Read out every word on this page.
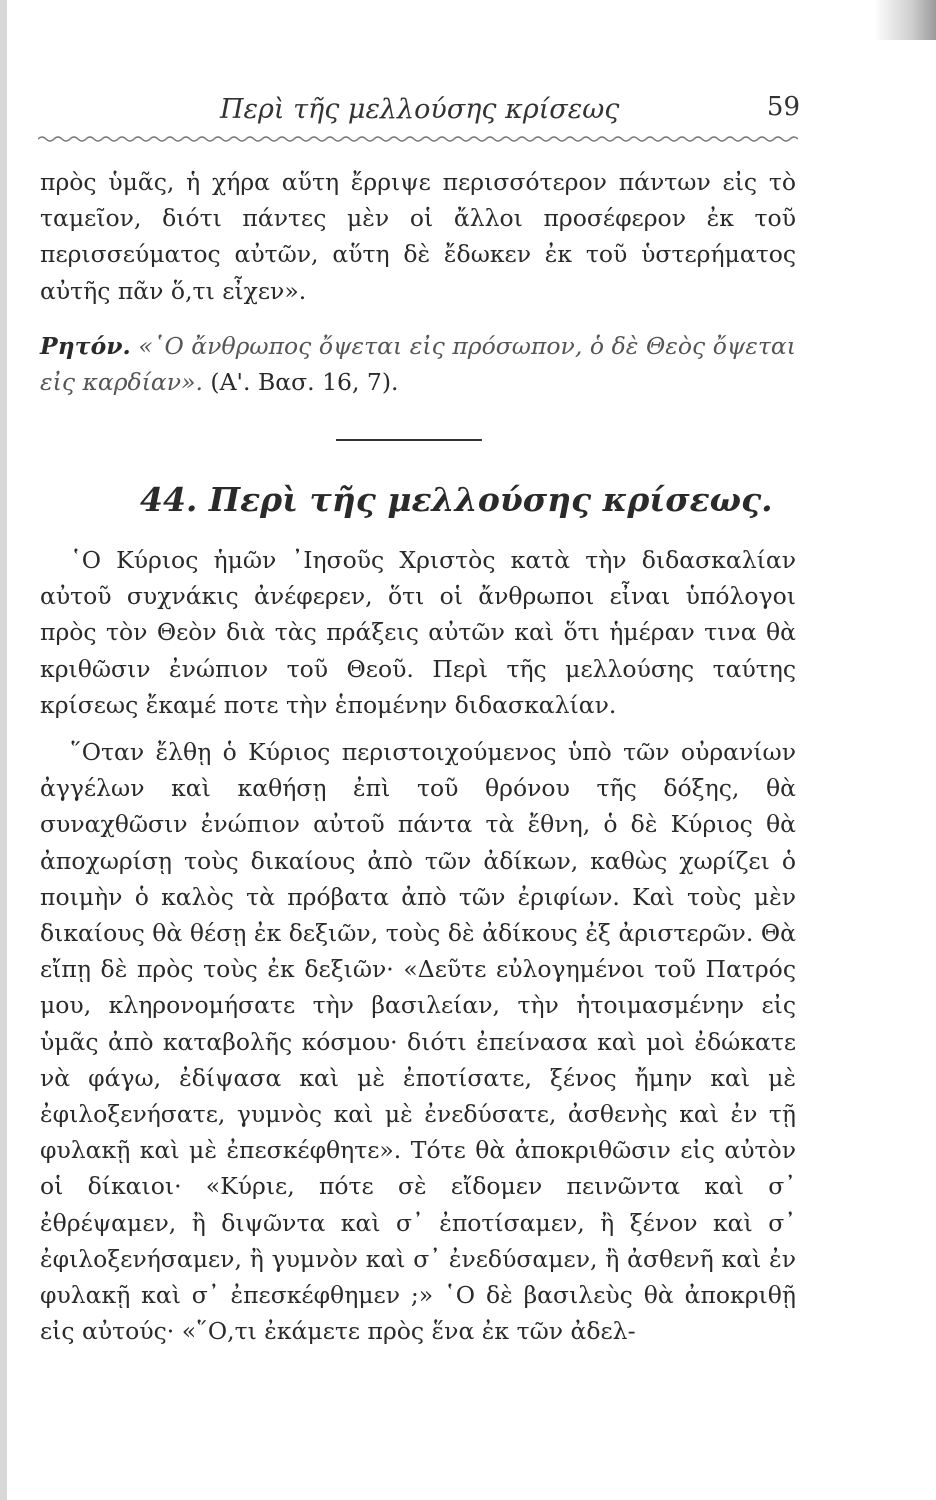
Περὶ τῆς μελλούσης κρίσεως	59

πρὸς ὑμᾶς, ἡ χήρα αὕτη ἔρριψε περισσότερον πάντων εἰς τὸ ταμεῖον, διότι πάντες μὲν οἱ ἄλλοι προσέφερον ἐκ τοῦ περισσεύματος αὐτῶν, αὕτη δὲ ἔδωκεν ἐκ τοῦ ὑστερήματος αὐτῆς πᾶν ὅ,τι εἶχεν».

Ρητόν. «῾Ο ἄνθρωπος ὄψεται εἰς πρόσωπον, ὁ δὲ Θεὸς ὄψεται εἰς καρδίαν». (Α'. Βασ. 16, 7).

44. Περὶ τῆς μελλούσης κρίσεως.

῾Ο Κύριος ἡμῶν ᾿Ιησοῦς Χριστὸς κατὰ τὴν διδασκαλίαν αὐτοῦ συχνάκις ἀνέφερεν, ὅτι οἱ ἄνθρωποι εἶναι ὑπόλογοι πρὸς τὸν Θεὸν διὰ τὰς πράξεις αὐτῶν καὶ ὅτι ἡμέραν τινα θὰ κριθῶσιν ἐνώπιον τοῦ Θεοῦ. Περὶ τῆς μελλούσης ταύτης κρίσεως ἔκαμέ ποτε τὴν ἑπομένην διδασκαλίαν.

῞Οταν ἔλθῃ ὁ Κύριος περιστοιχούμενος ὑπὸ τῶν οὐρανίων ἀγγέλων καὶ καθήσῃ ἐπὶ τοῦ θρόνου τῆς δόξης, θὰ συναχθῶσιν ἐνώπιον αὐτοῦ πάντα τὰ ἔθνη, ὁ δὲ Κύριος θὰ ἀποχωρίσῃ τοὺς δικαίους ἀπὸ τῶν ἀδίκων, καθὼς χωρίζει ὁ ποιμὴν ὁ καλὸς τὰ πρόβατα ἀπὸ τῶν ἐριφίων. Καὶ τοὺς μὲν δικαίους θὰ θέσῃ ἐκ δεξιῶν, τοὺς δὲ ἀδίκους ἐξ ἀριστερῶν. Θὰ εἴπῃ δὲ πρὸς τοὺς ἐκ δεξιῶν· «Δεῦτε εὐλογημένοι τοῦ Πατρός μου, κληρονομήσατε τὴν βασιλείαν, τὴν ἡτοιμασμένην εἰς ὑμᾶς ἀπὸ καταβολῆς κόσμου· διότι ἐπείνασα καὶ μοὶ ἐδώκατε νὰ φάγω, ἐδίψασα καὶ μὲ ἐποτίσατε, ξένος ἤμην καὶ μὲ ἐφιλοξενήσατε, γυμνὸς καὶ μὲ ἐνεδύσατε, ἀσθενὴς καὶ ἐν τῇ φυλακῇ καὶ μὲ ἐπεσκέφθητε». Τότε θὰ ἀποκριθῶσιν εἰς αὐτὸν οἱ δίκαιοι· «Κύριε, πότε σὲ εἴδομεν πεινῶντα καὶ σ᾿ ἐθρέψαμεν, ἢ διψῶντα καὶ σ᾿ ἐποτίσαμεν, ἢ ξένον καὶ σ᾿ ἐφιλοξενήσαμεν, ἢ γυμνὸν καὶ σ᾿ ἐνεδύσαμεν, ἢ ἀσθενῆ καὶ ἐν φυλακῇ καὶ σ᾿ ἐπεσκέφθημεν ;» ῾Ο δὲ βασιλεὺς θὰ ἀποκριθῇ εἰς αὐτούς· «῞Ο,τι ἐκάμετε πρὸς ἕνα ἐκ τῶν ἀδελ-
